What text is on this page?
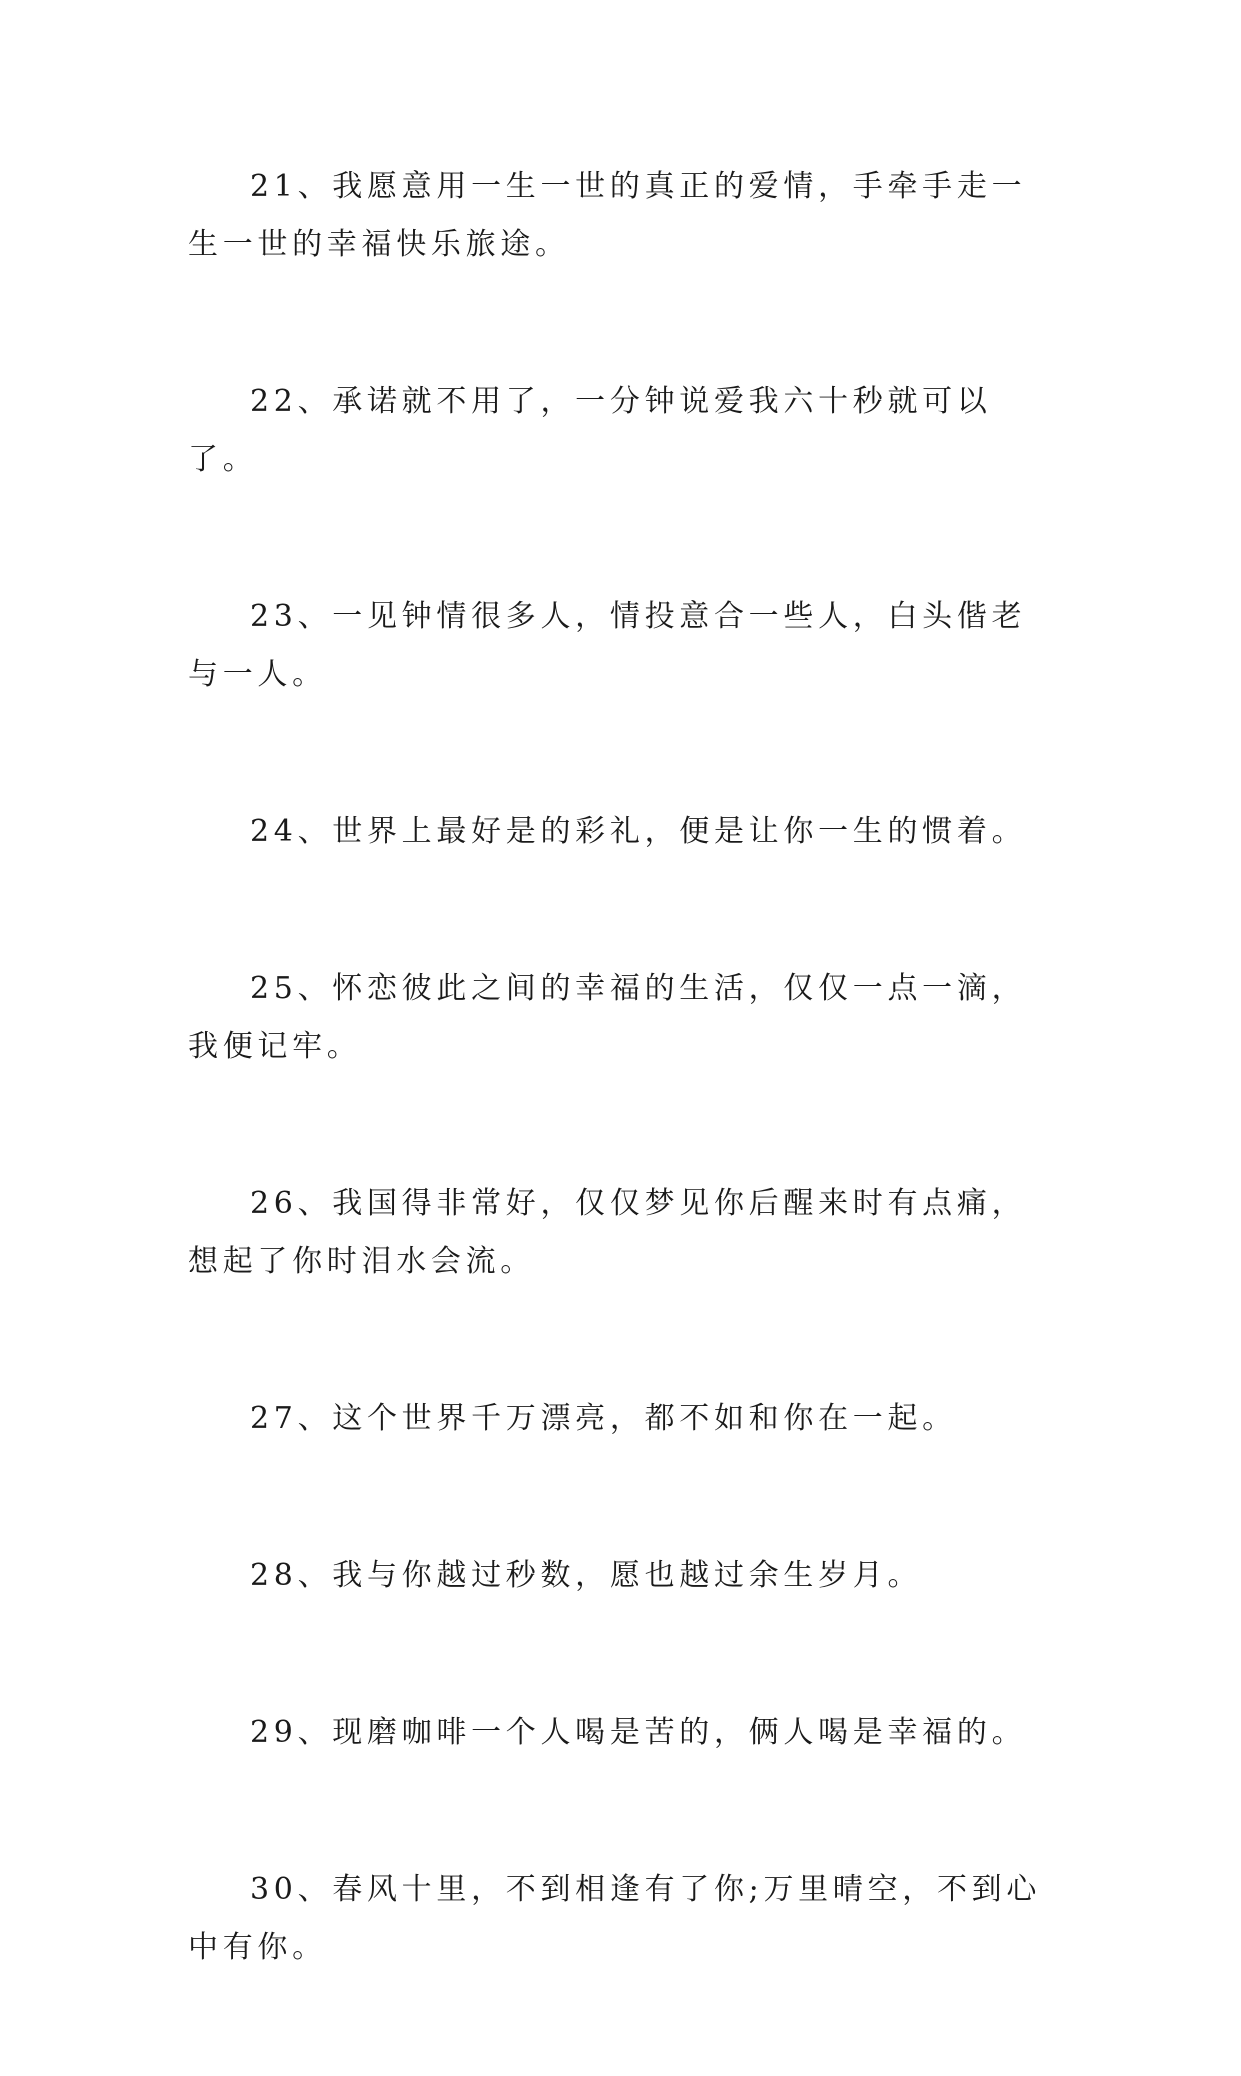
21、我愿意用一生一世的真正的爱情，手牵手走一生一世的幸福快乐旅途。

22、承诺就不用了，一分钟说爱我六十秒就可以了。

23、一见钟情很多人，情投意合一些人，白头偕老与一人。

24、世界上最好是的彩礼，便是让你一生的惯着。

25、怀恋彼此之间的幸福的生活，仅仅一点一滴，我便记牢。

26、我国得非常好，仅仅梦见你后醒来时有点痛，想起了你时泪水会流。

27、这个世界千万漂亮，都不如和你在一起。

28、我与你越过秒数，愿也越过余生岁月。

29、现磨咖啡一个人喝是苦的，俩人喝是幸福的。

30、春风十里，不到相逢有了你;万里晴空，不到心中有你。
